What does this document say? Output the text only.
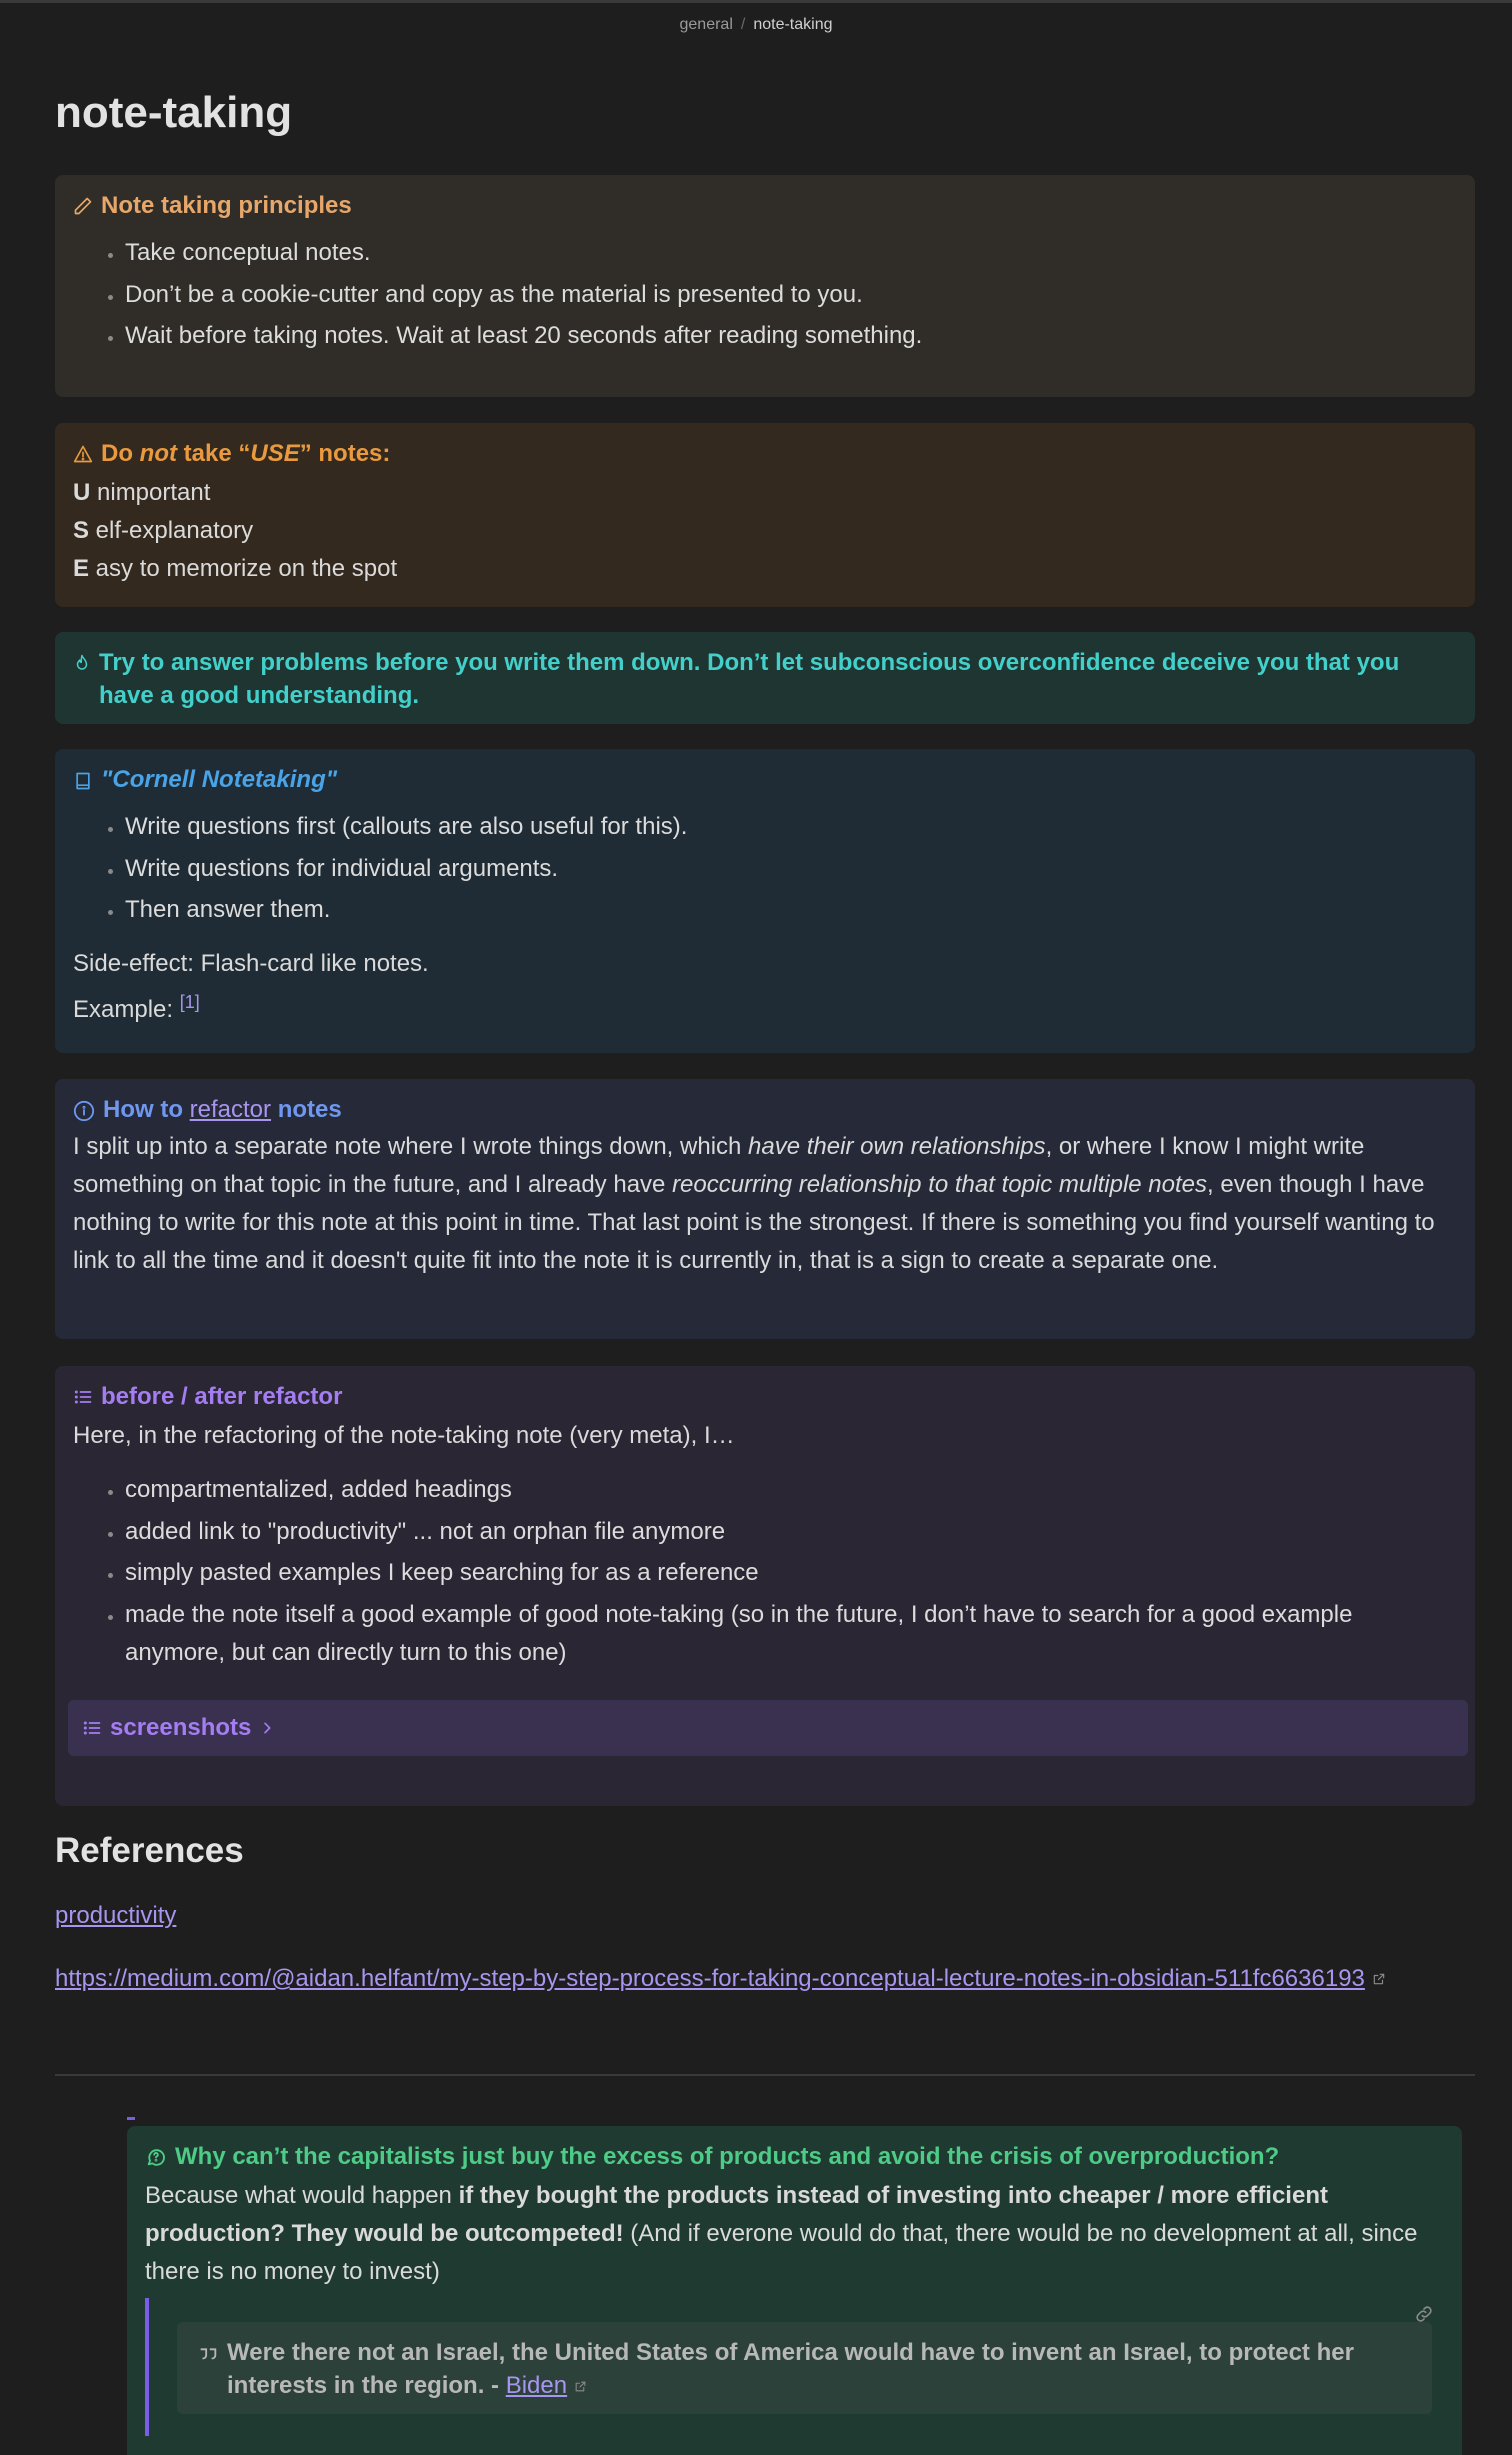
general / note-taking
note-taking
Note taking principles
• Take conceptual notes.
• Don’t be a cookie-cutter and copy as the material is presented to you.
• Wait before taking notes. Wait at least 20 seconds after reading something.
Do not take “USE” notes:
U nimportant
S elf-explanatory
E asy to memorize on the spot
Try to answer problems before you write them down. Don’t let subconscious overconfidence deceive you that you have a good understanding.
"Cornell Notetaking"
• Write questions first (callouts are also useful for this).
• Write questions for individual arguments.
• Then answer them.

Side-effect: Flash-card like notes.

Example: [1]

How to refactor notes

I split up into a separate note where I wrote things down, which have their own relationships, or where I know I might write something on that topic in the future, and I already have reoccurring relationship to that topic multiple notes, even though I have nothing to write for this note at this point in time. That last point is the strongest. If there is something you find yourself wanting to link to all the time and it doesn't quite fit into the note it is currently in, that is a sign to create a separate one.

before / after refactor

Here, in the refactoring of the note-taking note (very meta), I…

• compartmentalized, added headings
• added link to "productivity" ... not an orphan file anymore
• simply pasted examples I keep searching for as a reference
• made the note itself a good example of good note-taking (so in the future, I don’t have to search for a good example anymore, but can directly turn to this one)
screenshots
References
productivity
https://medium.com/@aidan.helfant/my-step-by-step-process-for-taking-conceptual-lecture-notes-in-obsidian-511fc6636193
Why can’t the capitalists just buy the excess of products and avoid the crisis of overproduction?

Because what would happen if they bought the products instead of investing into cheaper / more efficient production? They would be outcompeted! (And if everone would do that, there would be no development at all, since there is no money to invest)

Were there not an Israel, the United States of America would have to invent an Israel, to protect her interests in the region. - Biden
